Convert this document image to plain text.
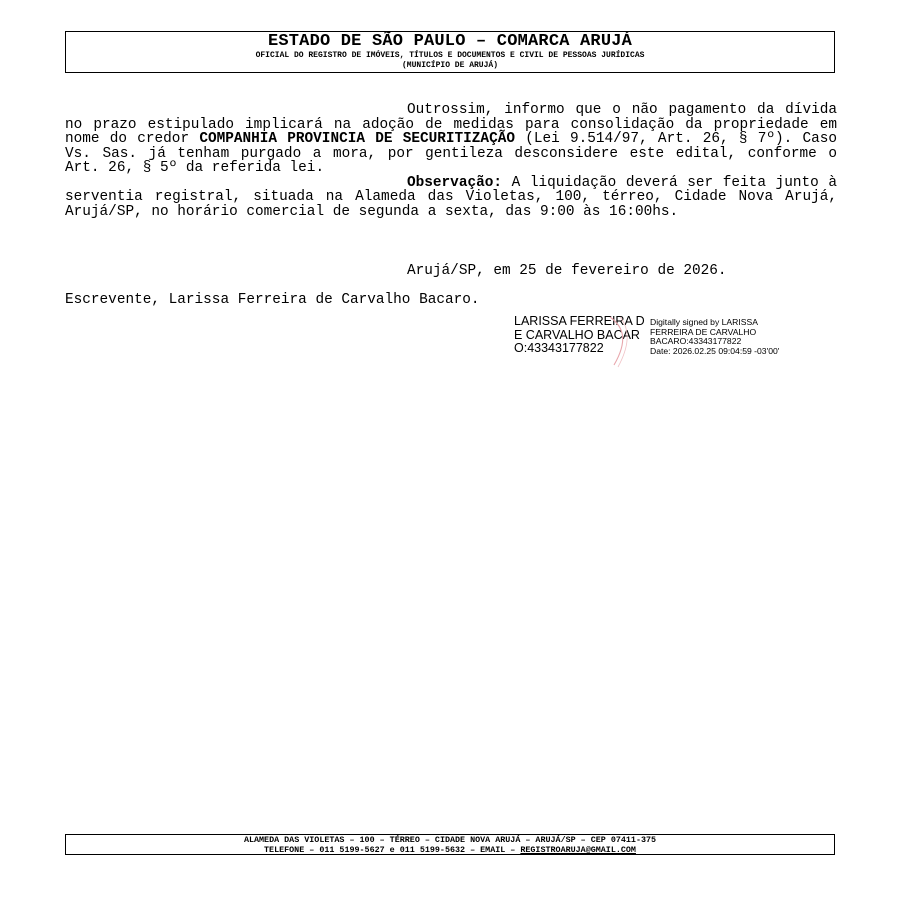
ESTADO DE SÃO PAULO – COMARCA ARUJÁ
OFICIAL DO REGISTRO DE IMÓVEIS, TÍTULOS E DOCUMENTOS E CIVIL DE PESSOAS JURÍDICAS
(MUNICÍPIO DE ARUJÁ)

Outrossim, informo que o não pagamento da dívida no prazo estipulado implicará na adoção de medidas para consolidação da propriedade em nome do credor COMPANHIA PROVINCIA DE SECURITIZAÇÃO (Lei 9.514/97, Art. 26, § 7º). Caso Vs. Sas. já tenham purgado a mora, por gentileza desconsidere este edital, conforme o Art. 26, § 5º da referida lei.

Observação: A liquidação deverá ser feita junto à serventia registral, situada na Alameda das Violetas, 100, térreo, Cidade Nova Arujá, Arujá/SP, no horário comercial de segunda a sexta, das 9:00 às 16:00hs.

Arujá/SP, em 25 de fevereiro de 2026.
Escrevente, Larissa Ferreira de Carvalho Bacaro.
LARISSA FERREIRA DE CARVALHO BACARO:43343177822
Digitally signed by LARISSA FERREIRA DE CARVALHO BACARO:43343177822
Date: 2026.02.25 09:04:59 -03'00'
ALAMEDA DAS VIOLETAS – 100 – TÉRREO – CIDADE NOVA ARUJÁ – ARUJÁ/SP – CEP 07411-375
TELEFONE – 011 5199-5627 e 011 5199-5632 – EMAIL – REGISTROARUJA@GMAIL.COM
